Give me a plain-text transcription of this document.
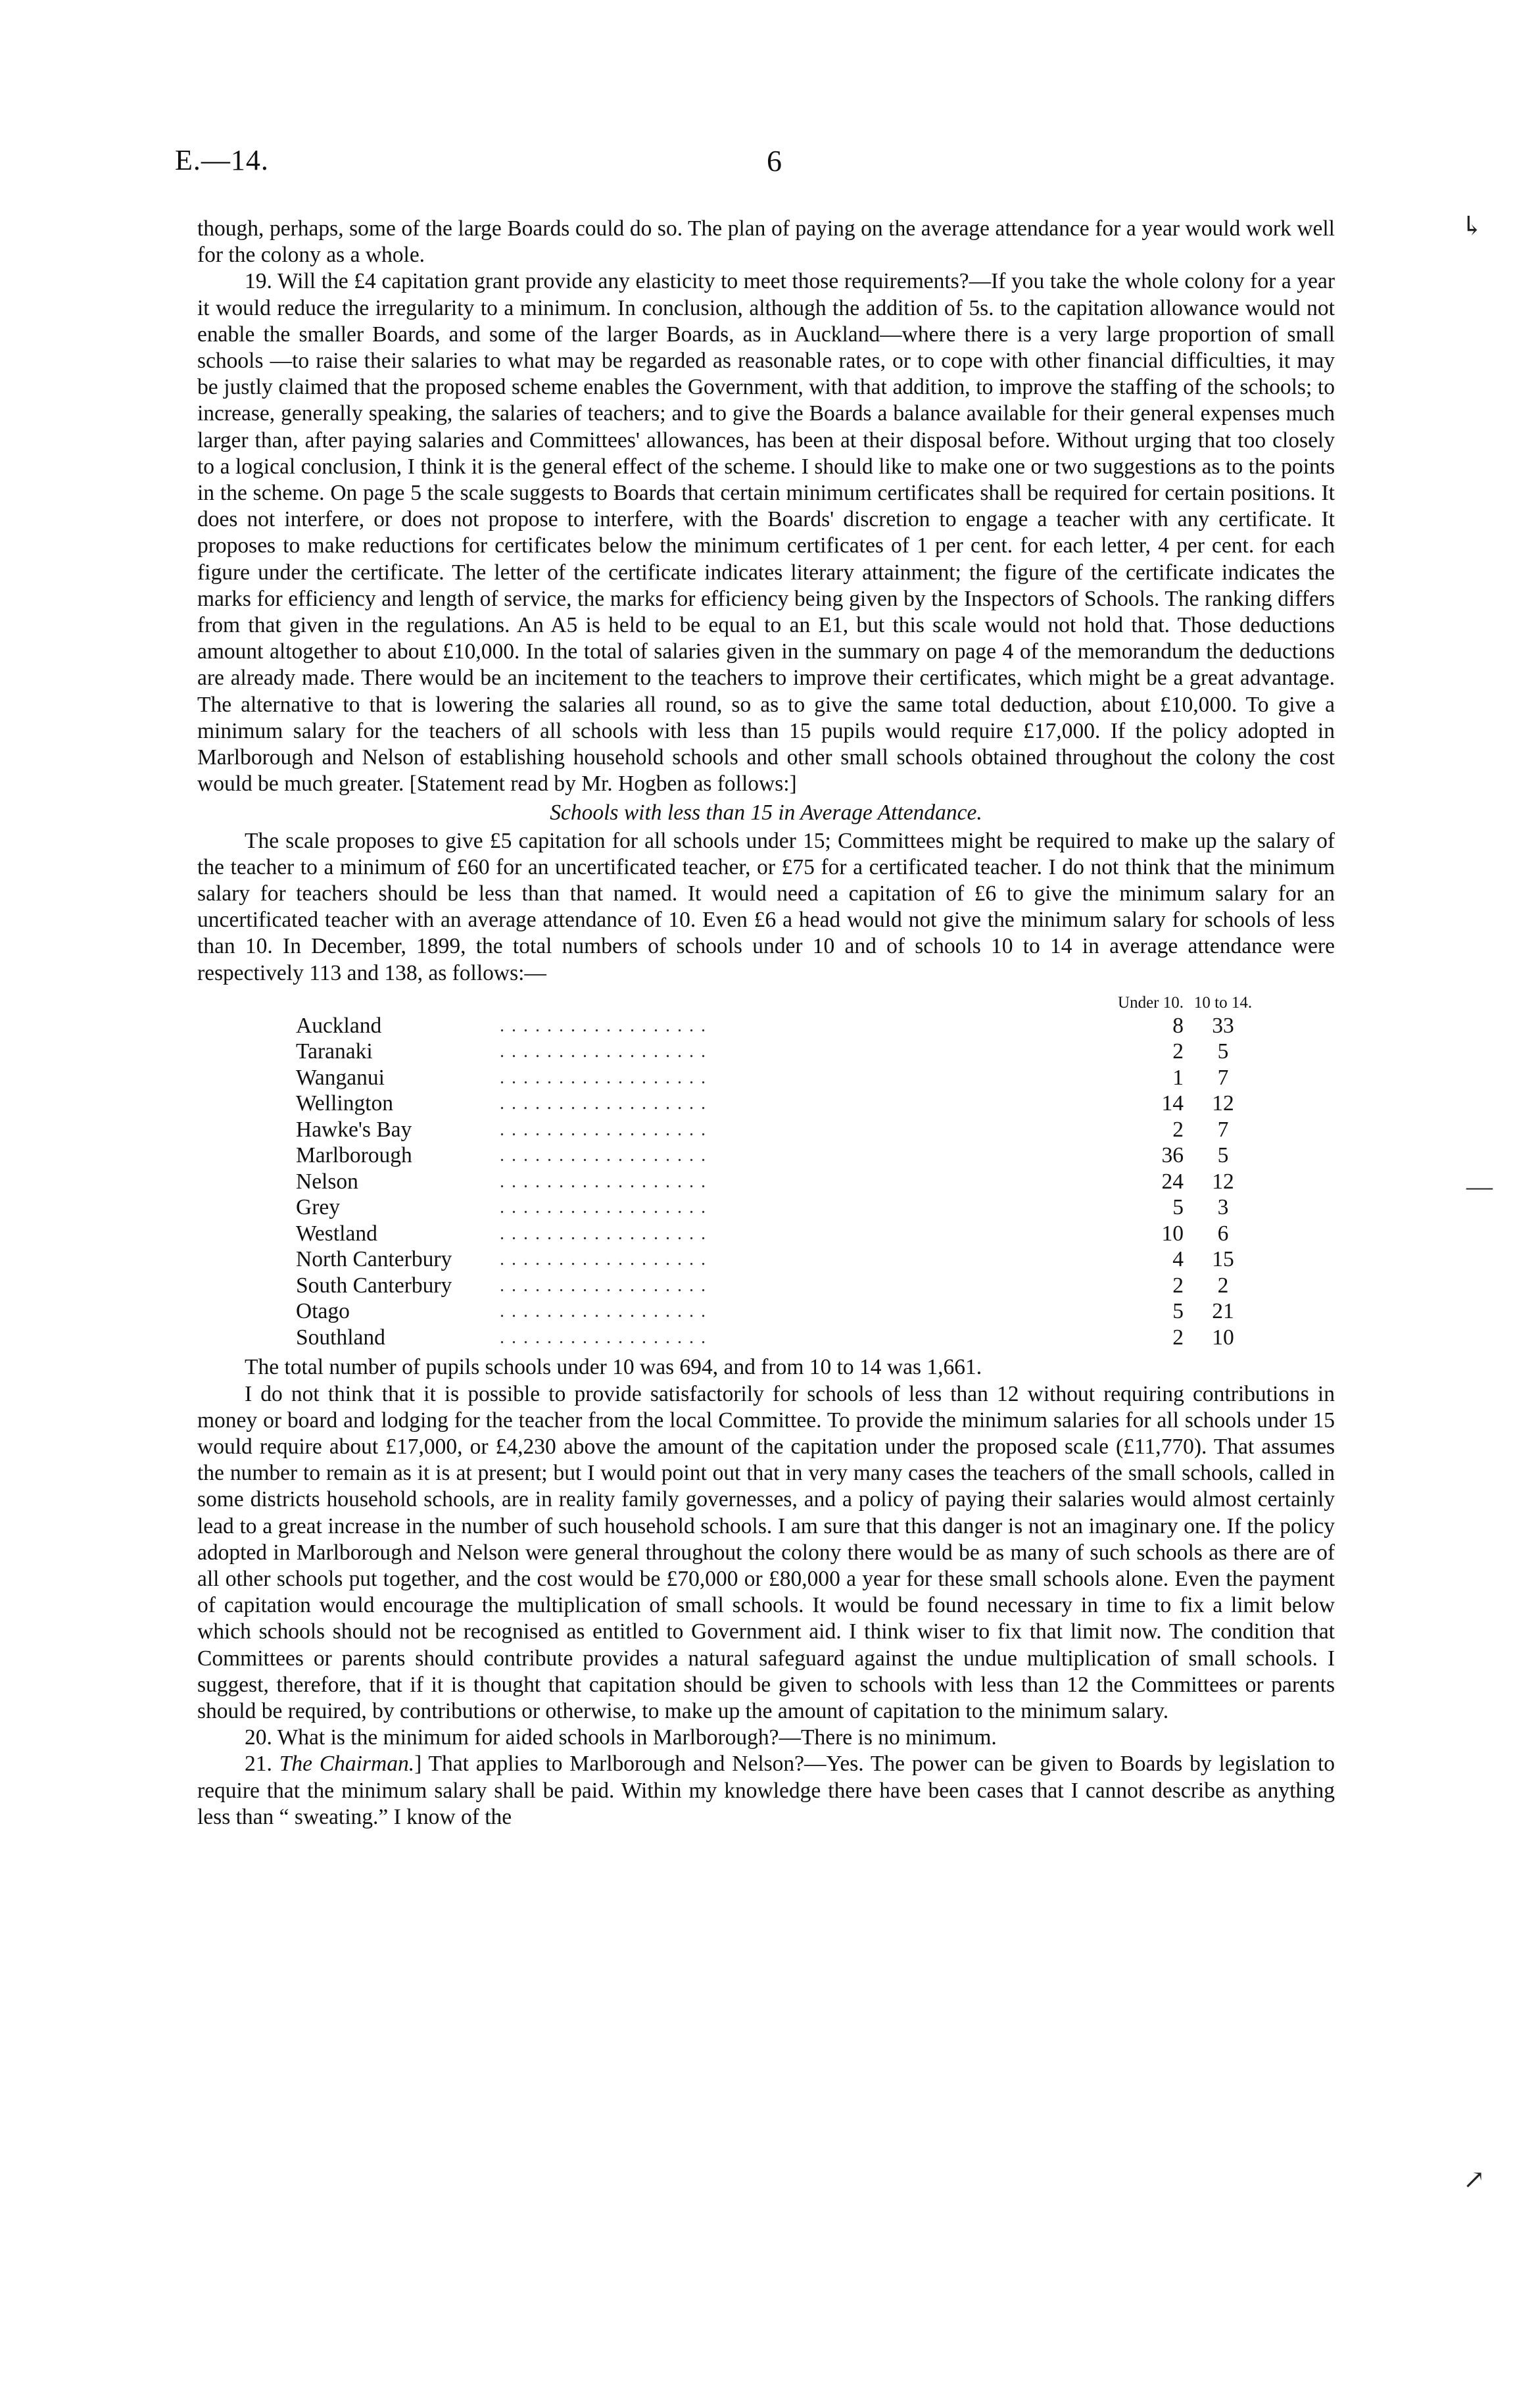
E.—14.	6
↳

though, perhaps, some of the large Boards could do so. The plan of paying on the average attendance for a year would work well for the colony as a whole.

19. Will the £4 capitation grant provide any elasticity to meet those requirements?—If you take the whole colony for a year it would reduce the irregularity to a minimum. In conclusion, although the addition of 5s. to the capitation allowance would not enable the smaller Boards, and some of the larger Boards, as in Auckland—where there is a very large proportion of small schools —to raise their salaries to what may be regarded as reasonable rates, or to cope with other financial difficulties, it may be justly claimed that the proposed scheme enables the Government, with that addition, to improve the staffing of the schools; to increase, generally speaking, the salaries of teachers; and to give the Boards a balance available for their general expenses much larger than, after paying salaries and Committees' allowances, has been at their disposal before. Without urging that too closely to a logical conclusion, I think it is the general effect of the scheme. I should like to make one or two suggestions as to the points in the scheme. On page 5 the scale suggests to Boards that certain minimum certificates shall be required for certain positions. It does not interfere, or does not propose to interfere, with the Boards' discretion to engage a teacher with any certificate. It proposes to make reductions for certificates below the minimum certificates of 1 per cent. for each letter, 4 per cent. for each figure under the certificate. The letter of the certificate indicates literary attainment; the figure of the certificate indicates the marks for efficiency and length of service, the marks for efficiency being given by the Inspectors of Schools. The ranking differs from that given in the regulations. An A5 is held to be equal to an E1, but this scale would not hold that. Those deductions amount altogether to about £10,000. In the total of salaries given in the summary on page 4 of the memorandum the deductions are already made. There would be an incitement to the teachers to improve their certificates, which might be a great advantage. The alternative to that is lowering the salaries all round, so as to give the same total deduction, about £10,000. To give a minimum salary for the teachers of all schools with less than 15 pupils would require £17,000. If the policy adopted in Marlborough and Nelson of establishing household schools and other small schools obtained throughout the colony the cost would be much greater. [Statement read by Mr. Hogben as follows:]

Schools with less than 15 in Average Attendance.

The scale proposes to give £5 capitation for all schools under 15; Committees might be required to make up the salary of the teacher to a minimum of £60 for an uncertificated teacher, or £75 for a certificated teacher. I do not think that the minimum salary for teachers should be less than that named. It would need a capitation of £6 to give the minimum salary for an uncertificated teacher with an average attendance of 10. Even £6 a head would not give the minimum salary for schools of less than 10. In December, 1899, the total numbers of schools under 10 and of schools 10 to 14 in average attendance were respectively 113 and 138, as follows:—

		Under 10.	10 to 14.
Auckland	. . . . . . . . . . . . . . . . . .	8	33
Taranaki	. . . . . . . . . . . . . . . . . .	2	5
Wanganui	. . . . . . . . . . . . . . . . . .	1	7
Wellington	. . . . . . . . . . . . . . . . . .	14	12
Hawke's Bay	. . . . . . . . . . . . . . . . . .	2	7
Marlborough	. . . . . . . . . . . . . . . . . .	36	5
Nelson	. . . . . . . . . . . . . . . . . .	24	12
Grey	. . . . . . . . . . . . . . . . . .	5	3
Westland	. . . . . . . . . . . . . . . . . .	10	6
North Canterbury	. . . . . . . . . . . . . . . . . .	4	15
South Canterbury	. . . . . . . . . . . . . . . . . .	2	2
Otago	. . . . . . . . . . . . . . . . . .	5	21
Southland	. . . . . . . . . . . . . . . . . .	2	10

The total number of pupils schools under 10 was 694, and from 10 to 14 was 1,661.

I do not think that it is possible to provide satisfactorily for schools of less than 12 without requiring contributions in money or board and lodging for the teacher from the local Committee. To provide the minimum salaries for all schools under 15 would require about £17,000, or £4,230 above the amount of the capitation under the proposed scale (£11,770). That assumes the number to remain as it is at present; but I would point out that in very many cases the teachers of the small schools, called in some districts household schools, are in reality family governesses, and a policy of paying their salaries would almost certainly lead to a great increase in the number of such household schools. I am sure that this danger is not an imaginary one. If the policy adopted in Marlborough and Nelson were general throughout the colony there would be as many of such schools as there are of all other schools put together, and the cost would be £70,000 or £80,000 a year for these small schools alone. Even the payment of capitation would encourage the multiplication of small schools. It would be found necessary in time to fix a limit below which schools should not be recognised as entitled to Government aid. I think wiser to fix that limit now. The condition that Committees or parents should contribute provides a natural safeguard against the undue multiplication of small schools. I suggest, therefore, that if it is thought that capitation should be given to schools with less than 12 the Committees or parents should be required, by contributions or otherwise, to make up the amount of capitation to the minimum salary.

20. What is the minimum for aided schools in Marlborough?—There is no minimum.

21. The Chairman.] That applies to Marlborough and Nelson?—Yes. The power can be given to Boards by legislation to require that the minimum salary shall be paid. Within my knowledge there have been cases that I cannot describe as anything less than “ sweating.” I know of the

—
↗
